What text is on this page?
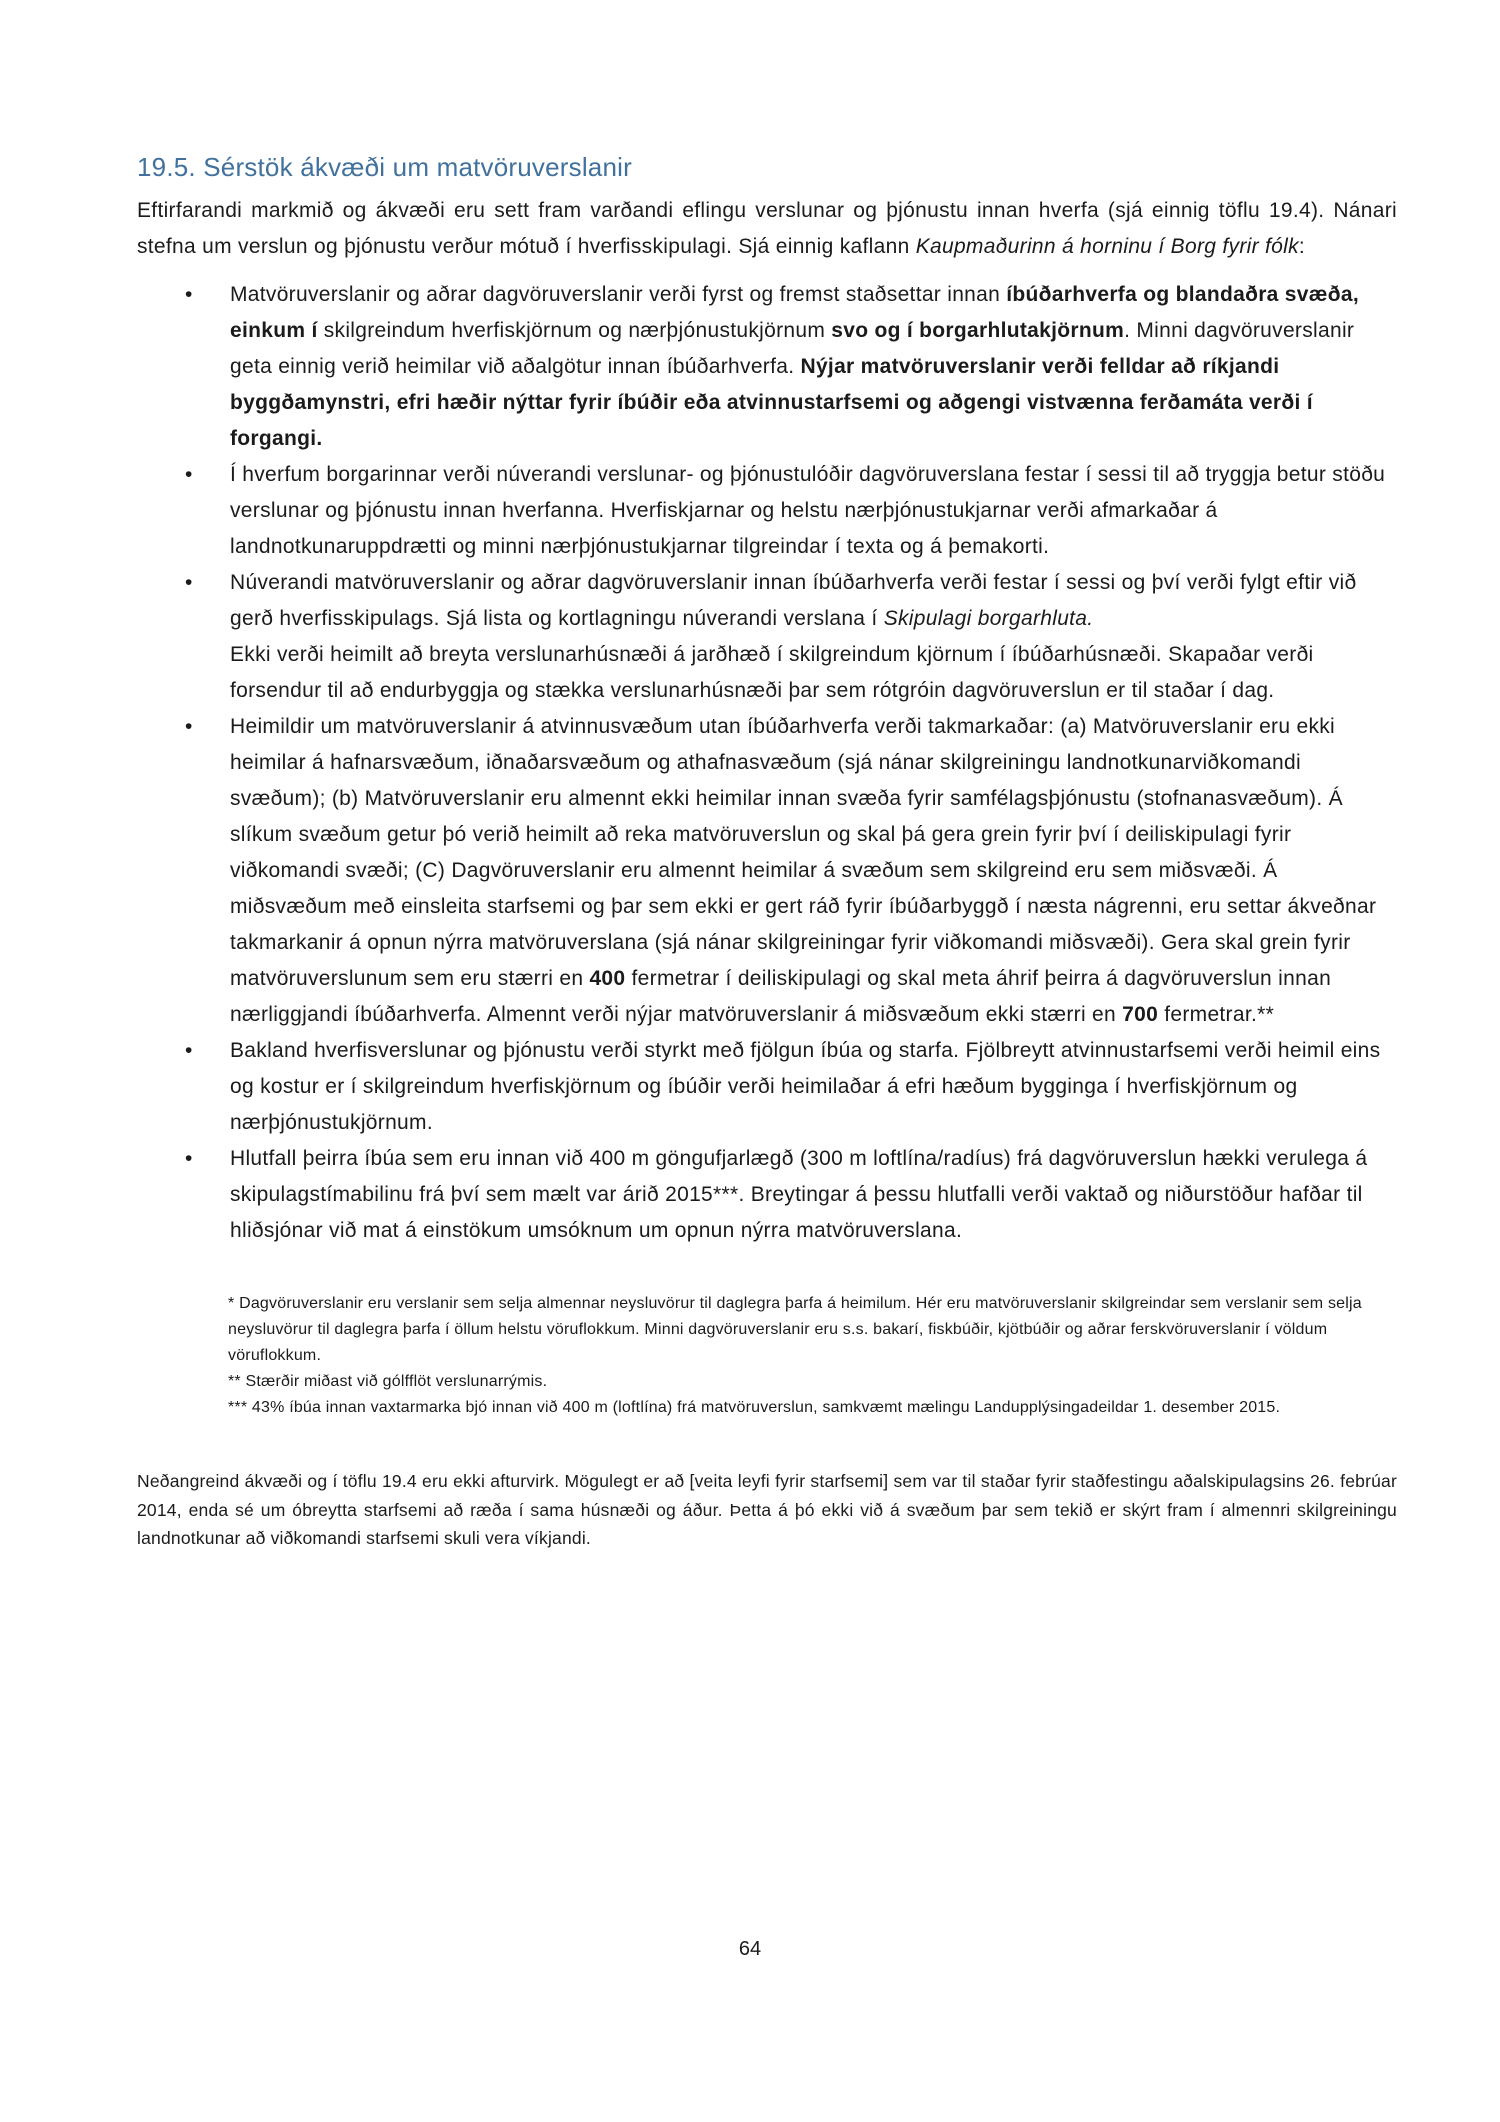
19.5. Sérstök ákvæði um matvöruverslanir

Eftirfarandi markmið og ákvæði eru sett fram varðandi eflingu verslunar og þjónustu innan hverfa (sjá einnig töflu 19.4). Nánari stefna um verslun og þjónustu verður mótuð í hverfisskipulagi. Sjá einnig kaflann Kaupmaðurinn á horninu í Borg fyrir fólk:

• Matvöruverslanir og aðrar dagvöruverslanir verði fyrst og fremst staðsettar innan íbúðarhverfa og blandaðra svæða, einkum í skilgreindum hverfiskjörnum og nærþjónustukjörnum svo og í borgarhlutakjörnum. Minni dagvöruverslanir geta einnig verið heimilar við aðalgötur innan íbúðarhverfa. Nýjar matvöruverslanir verði felldar að ríkjandi byggðamynstri, efri hæðir nýttar fyrir íbúðir eða atvinnustarfsemi og aðgengi vistvænna ferðamáta verði í forgangi.
• Í hverfum borgarinnar verði núverandi verslunar- og þjónustulóðir dagvöruverslana festar í sessi til að tryggja betur stöðu verslunar og þjónustu innan hverfanna. Hverfiskjarnar og helstu nærþjónustukjarnar verði afmarkaðar á landnotkunaruppdrætti og minni nærþjónustukjarnar tilgreindar í texta og á þemakorti.
• Núverandi matvöruverslanir og aðrar dagvöruverslanir innan íbúðarhverfa verði festar í sessi og því verði fylgt eftir við gerð hverfisskipulags. Sjá lista og kortlagningu núverandi verslana í Skipulagi borgarhluta.
Ekki verði heimilt að breyta verslunarhúsnæði á jarðhæð í skilgreindum kjörnum í íbúðarhúsnæði. Skapaðar verði forsendur til að endurbyggja og stækka verslunarhúsnæði þar sem rótgróin dagvöruverslun er til staðar í dag.
• Heimildir um matvöruverslanir á atvinnusvæðum utan íbúðarhverfa verði takmarkaðar: (a) Matvöruverslanir eru ekki heimilar á hafnarsvæðum, iðnaðarsvæðum og athafnasvæðum (sjá nánar skilgreiningu landnotkunarviðkomandi svæðum); (b) Matvöruverslanir eru almennt ekki heimilar innan svæða fyrir samfélagsþjónustu (stofnanasvæðum). Á slíkum svæðum getur þó verið heimilt að reka matvöruverslun og skal þá gera grein fyrir því í deiliskipulagi fyrir viðkomandi svæði; (C) Dagvöruverslanir eru almennt heimilar á svæðum sem skilgreind eru sem miðsvæði. Á miðsvæðum með einsleita starfsemi og þar sem ekki er gert ráð fyrir íbúðarbyggð í næsta nágrenni, eru settar ákveðnar takmarkanir á opnun nýrra matvöruverslana (sjá nánar skilgreiningar fyrir viðkomandi miðsvæði). Gera skal grein fyrir matvöruverslunum sem eru stærri en 400 fermetrar í deiliskipulagi og skal meta áhrif þeirra á dagvöruverslun innan nærliggjandi íbúðarhverfa. Almennt verði nýjar matvöruverslanir á miðsvæðum ekki stærri en 700 fermetrar.**
• Bakland hverfisverslunar og þjónustu verði styrkt með fjölgun íbúa og starfa. Fjölbreytt atvinnustarfsemi verði heimil eins og kostur er í skilgreindum hverfiskjörnum og íbúðir verði heimilaðar á efri hæðum bygginga í hverfiskjörnum og nærþjónustukjörnum.
• Hlutfall þeirra íbúa sem eru innan við 400 m göngufjarlægð (300 m loftlína/radíus) frá dagvöruverslun hækki verulega á skipulagstímabilinu frá því sem mælt var árið 2015***. Breytingar á þessu hlutfalli verði vaktað og niðurstöður hafðar til hliðsjónar við mat á einstökum umsóknum um opnun nýrra matvöruverslana.

* Dagvöruverslanir eru verslanir sem selja almennar neysluvörur til daglegra þarfa á heimilum. Hér eru matvöruverslanir skilgreindar sem verslanir sem selja neysluvörur til daglegra þarfa í öllum helstu vöruflokkum. Minni dagvöruverslanir eru s.s. bakarí, fiskbúðir, kjötbúðir og aðrar ferskvöruverslanir í völdum vöruflokkum.

** Stærðir miðast við gólfflöt verslunarrýmis.

*** 43% íbúa innan vaxtarmarka bjó innan við 400 m (loftlína) frá matvöruverslun, samkvæmt mælingu Landupplýsingadeildar 1. desember 2015.

Neðangreind ákvæði og í töflu 19.4 eru ekki afturvirk. Mögulegt er að [veita leyfi fyrir starfsemi] sem var til staðar fyrir staðfestingu aðalskipulagsins 26. febrúar 2014, enda sé um óbreytta starfsemi að ræða í sama húsnæði og áður. Þetta á þó ekki við á svæðum þar sem tekið er skýrt fram í almennri skilgreiningu landnotkunar að viðkomandi starfsemi skuli vera víkjandi.

64
